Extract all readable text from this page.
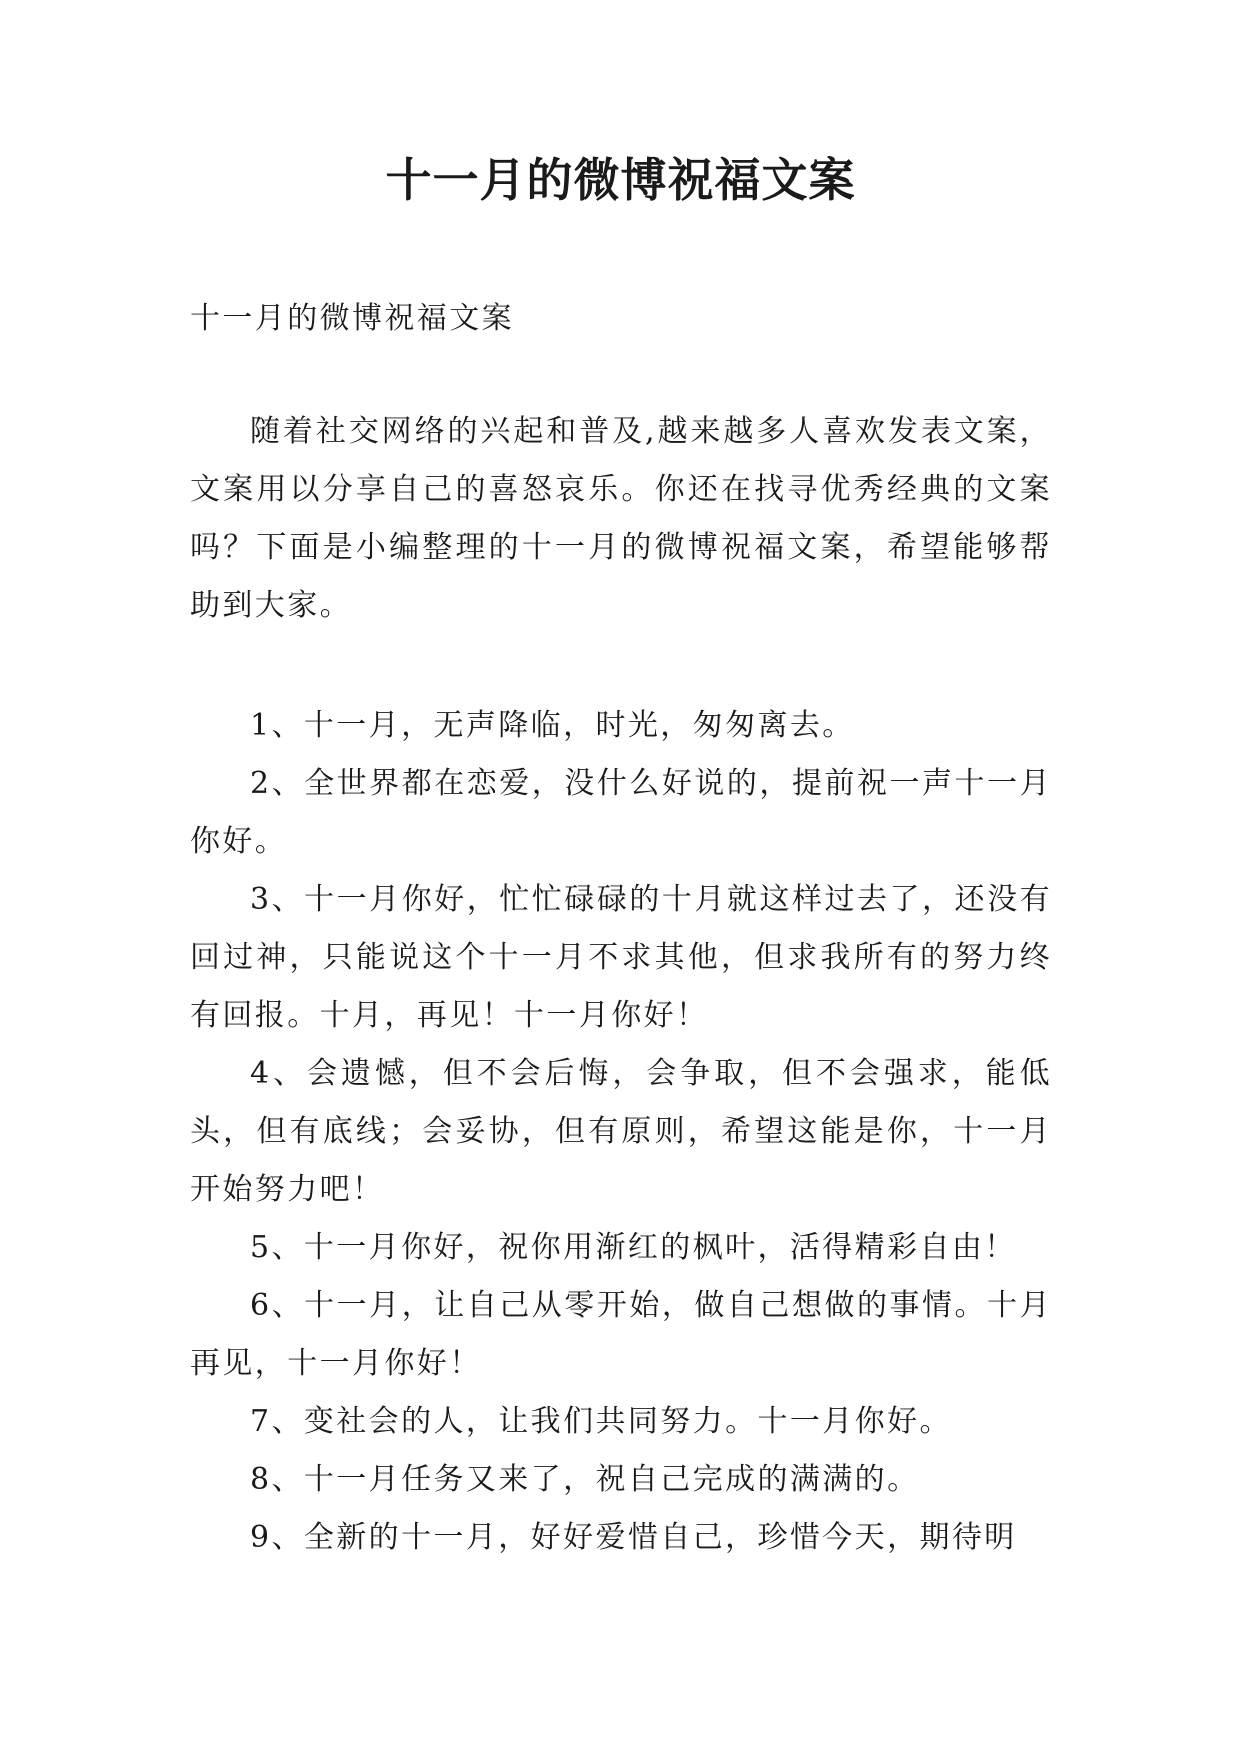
十一月的微博祝福文案

十一月的微博祝福文案

随着社交网络的兴起和普及,越来越多人喜欢发表文案，文案用以分享自己的喜怒哀乐。你还在找寻优秀经典的文案吗？下面是小编整理的十一月的微博祝福文案，希望能够帮助到大家。

1、十一月，无声降临，时光，匆匆离去。
2、全世界都在恋爱，没什么好说的，提前祝一声十一月你好。
3、十一月你好，忙忙碌碌的十月就这样过去了，还没有回过神，只能说这个十一月不求其他，但求我所有的努力终有回报。十月，再见！十一月你好！
4、会遗憾，但不会后悔，会争取，但不会强求，能低头，但有底线；会妥协，但有原则，希望这能是你，十一月开始努力吧！
5、十一月你好，祝你用渐红的枫叶，活得精彩自由！
6、十一月，让自己从零开始，做自己想做的事情。十月再见，十一月你好！
7、变社会的人，让我们共同努力。十一月你好。
8、十一月任务又来了，祝自己完成的满满的。
9、全新的十一月，好好爱惜自己，珍惜今天，期待明
